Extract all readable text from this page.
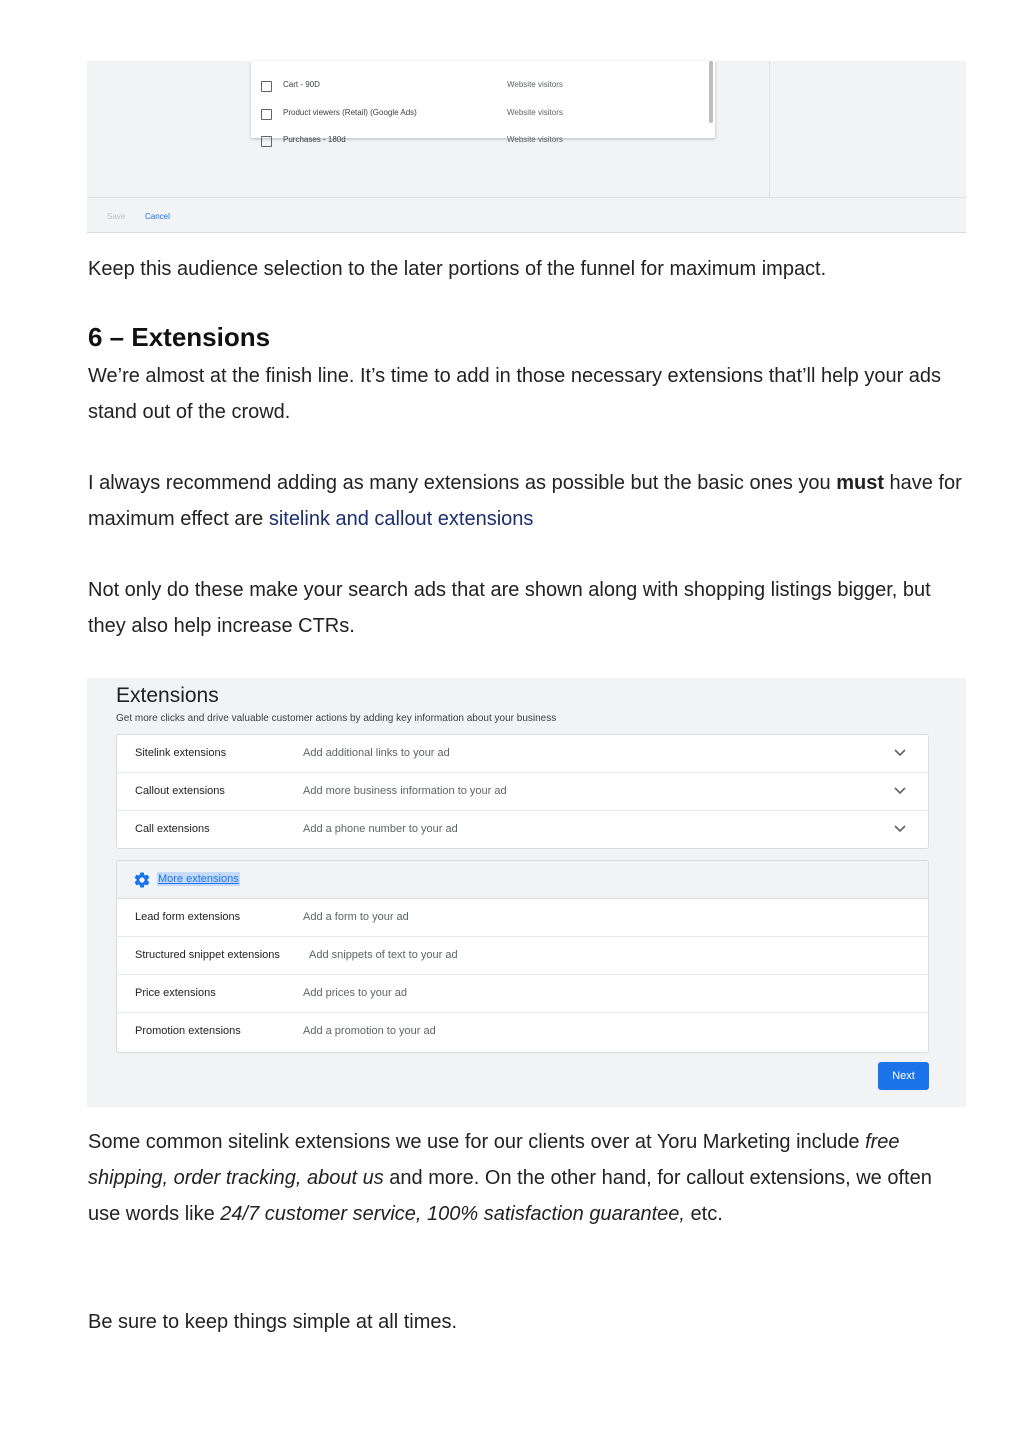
Cart - 90D	Website visitors
Product viewers (Retail) (Google Ads)	Website visitors
Purchases - 180d	Website visitors
Save Cancel

Keep this audience selection to the later portions of the funnel for maximum impact.

6 – Extensions

We’re almost at the finish line. It’s time to add in those necessary extensions that’ll help your ads stand out of the crowd.

I always recommend adding as many extensions as possible but the basic ones you must have for maximum effect are sitelink and callout extensions

Not only do these make your search ads that are shown along with shopping listings bigger, but they also help increase CTRs.

Extensions
Get more clicks and drive valuable customer actions by adding key information about your business
Sitelink extensions	Add additional links to your ad
Callout extensions	Add more business information to your ad
Call extensions	Add a phone number to your ad
More extensions
Lead form extensions	Add a form to your ad
Structured snippet extensions	Add snippets of text to your ad
Price extensions	Add prices to your ad
Promotion extensions	Add a promotion to your ad
Next

Some common sitelink extensions we use for our clients over at Yoru Marketing include free shipping, order tracking, about us and more. On the other hand, for callout extensions, we often use words like 24/7 customer service, 100% satisfaction guarantee, etc.

Be sure to keep things simple at all times.
